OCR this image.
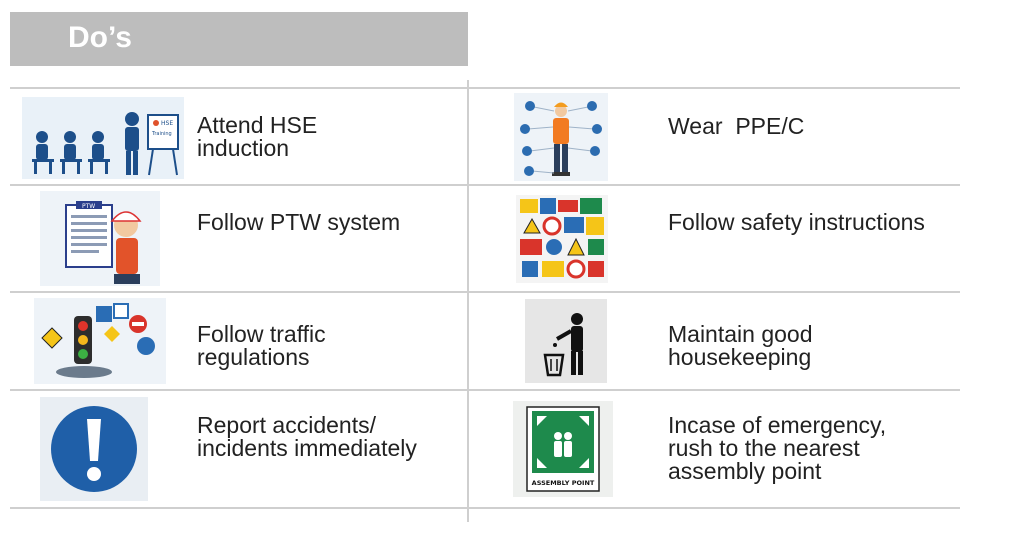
Do’s
HSE
Training Attend HSE
induction
Wear  PPE/C
PTW
Follow PTW system	Follow safety instructions
Follow traffic
regulations
Maintain good
housekeeping
Report accidents/
incidents immediately
ASSEMBLY POINT
Incase of emergency,
rush to the nearest
assembly point
